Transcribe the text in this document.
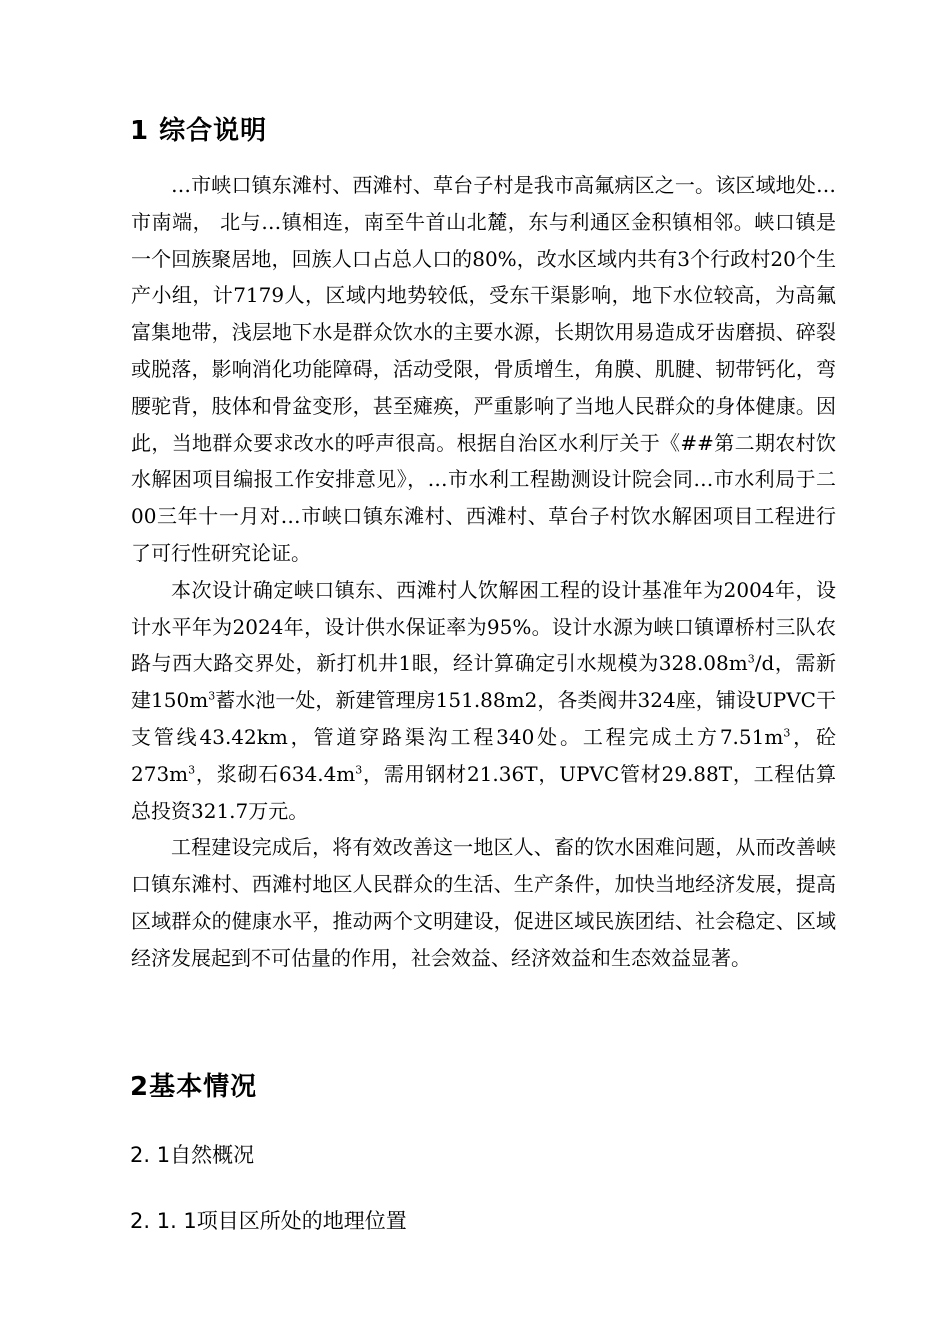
1 综合说明

…市峡口镇东滩村、西滩村、草台子村是我市高氟病区之一。该区域地处…市南端， 北与…镇相连，南至牛首山北麓，东与利通区金积镇相邻。峡口镇是一个回族聚居地，回族人口占总人口的80%，改水区域内共有3个行政村20个生产小组，计7179人，区域内地势较低，受东干渠影响，地下水位较高，为高氟富集地带，浅层地下水是群众饮水的主要水源，长期饮用易造成牙齿磨损、碎裂或脱落，影响消化功能障碍，活动受限，骨质增生，角膜、肌腱、韧带钙化，弯腰驼背，肢体和骨盆变形，甚至瘫痪，严重影响了当地人民群众的身体健康。因此，当地群众要求改水的呼声很高。根据自治区水利厅关于《##第二期农村饮水解困项目编报工作安排意见》，…市水利工程勘测设计院会同…市水利局于二00三年十一月对…市峡口镇东滩村、西滩村、草台子村饮水解困项目工程进行了可行性研究论证。

本次设计确定峡口镇东、西滩村人饮解困工程的设计基准年为2004年，设计水平年为2024年，设计供水保证率为95%。设计水源为峡口镇谭桥村三队农路与西大路交界处，新打机井1眼，经计算确定引水规模为$328.08m^3/d$，需新建$150m^3$蓄水池一处，新建管理房151.88m2，各类阀井324座，铺设UPVC干支管线43.42km，管道穿路渠沟工程340处。工程完成土方$7.51m^3$，砼$273m^3$，浆砌石$634.4m^3$，需用钢材21.36T，UPVC管材29.88T，工程估算总投资321.7万元。

工程建设完成后，将有效改善这一地区人、畜的饮水困难问题，从而改善峡口镇东滩村、西滩村地区人民群众的生活、生产条件，加快当地经济发展，提高区域群众的健康水平，推动两个文明建设，促进区域民族团结、社会稳定、区域经济发展起到不可估量的作用，社会效益、经济效益和生态效益显著。

2基本情况
2. 1自然概况
2. 1. 1项目区所处的地理位置
